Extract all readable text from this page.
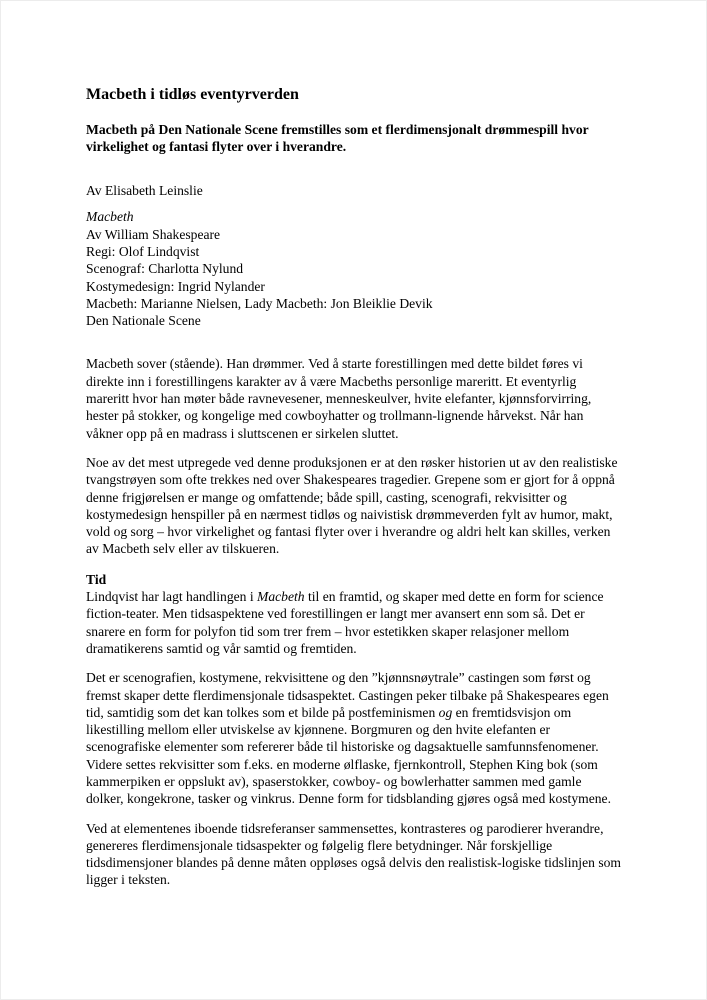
Macbeth i tidløs eventyrverden

Macbeth på Den Nationale Scene fremstilles som et flerdimensjonalt drømmespill hvor virkelighet og fantasi flyter over i hverandre.

Av Elisabeth Leinslie

Macbeth

Av William Shakespeare

Regi: Olof Lindqvist

Scenograf: Charlotta Nylund

Kostymedesign: Ingrid Nylander

Macbeth: Marianne Nielsen, Lady Macbeth: Jon Bleiklie Devik

Den Nationale Scene

Macbeth sover (stående). Han drømmer. Ved å starte forestillingen med dette bildet føres vi direkte inn i forestillingens karakter av å være Macbeths personlige mareritt. Et eventyrlig mareritt hvor han møter både ravnevesener, menneskeulver, hvite elefanter, kjønnsforvirring, hester på stokker, og kongelige med cowboyhatter og trollmann-lignende hårvekst. Når han våkner opp på en madrass i sluttscenen er sirkelen sluttet.

Noe av det mest utpregede ved denne produksjonen er at den røsker historien ut av den realistiske tvangstrøyen som ofte trekkes ned over Shakespeares tragedier. Grepene som er gjort for å oppnå denne frigjørelsen er mange og omfattende; både spill, casting, scenografi, rekvisitter og kostymedesign henspiller på en nærmest tidløs og naivistisk drømmeverden fylt av humor, makt, vold og sorg – hvor virkelighet og fantasi flyter over i hverandre og aldri helt kan skilles, verken av Macbeth selv eller av tilskueren.

Tid

Lindqvist har lagt handlingen i Macbeth til en framtid, og skaper med dette en form for science fiction-teater. Men tidsaspektene ved forestillingen er langt mer avansert enn som så. Det er snarere en form for polyfon tid som trer frem – hvor estetikken skaper relasjoner mellom dramatikerens samtid og vår samtid og fremtiden.

Det er scenografien, kostymene, rekvisittene og den ”kjønnsnøytrale” castingen som først og fremst skaper dette flerdimensjonale tidsaspektet. Castingen peker tilbake på Shakespeares egen tid, samtidig som det kan tolkes som et bilde på postfeminismen og en fremtidsvisjon om likestilling mellom eller utviskelse av kjønnene. Borgmuren og den hvite elefanten er scenografiske elementer som refererer både til historiske og dagsaktuelle samfunnsfenomener. Videre settes rekvisitter som f.eks. en moderne ølflaske, fjernkontroll, Stephen King bok (som kammerpiken er oppslukt av), spaserstokker, cowboy- og bowlerhatter sammen med gamle dolker, kongekrone, tasker og vinkrus. Denne form for tidsblanding gjøres også med kostymene.

Ved at elementenes iboende tidsreferanser sammensettes, kontrasteres og parodierer hverandre, genereres flerdimensjonale tidsaspekter og følgelig flere betydninger. Når forskjellige tidsdimensjoner blandes på denne måten oppløses også delvis den realistisk-logiske tidslinjen som ligger i teksten.
